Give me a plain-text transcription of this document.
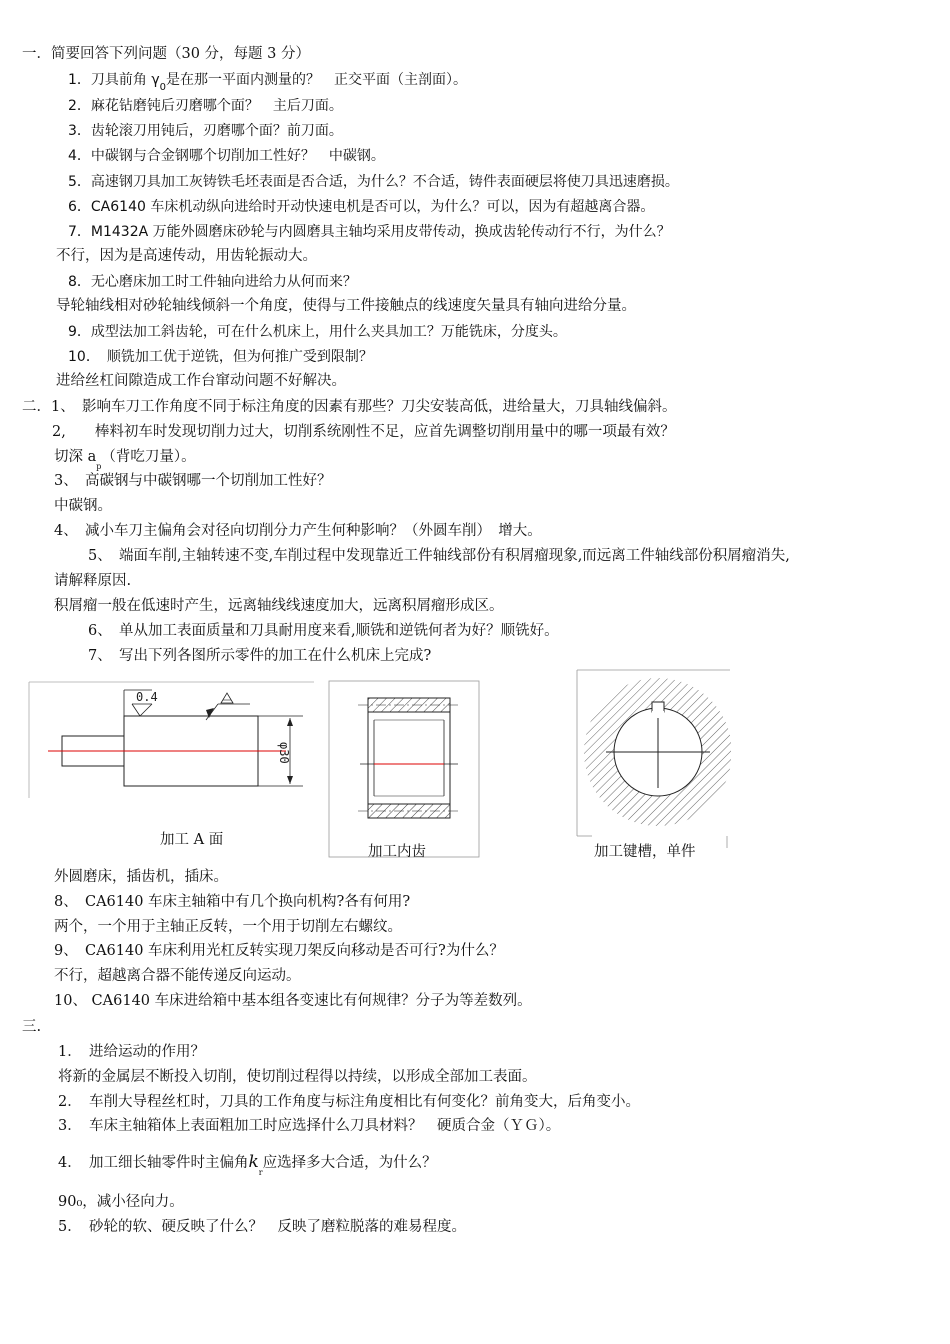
一．简要回答下列问题（30 分，每题 3 分）
1．刀具前角 $\gamma_0$是在那一平面内测量的？　正交平面（主剖面）。
2．麻花钻磨钝后刃磨哪个面？　主后刀面。
3．齿轮滚刀用钝后，刃磨哪个面？前刀面。
4．中碳钢与合金钢哪个切削加工性好？　中碳钢。
5．高速钢刀具加工灰铸铁毛坯表面是否合适，为什么？不合适，铸件表面硬层将使刀具迅速磨损。
6．CA6140 车床机动纵向进给时开动快速电机是否可以，为什么？可以，因为有超越离合器。
7．M1432A 万能外圆磨床砂轮与内圆磨具主轴均采用皮带传动，换成齿轮传动行不行，为什么？
不行，因为是高速传动，用齿轮振动大。
8．无心磨床加工时工件轴向进给力从何而来？
导轮轴线相对砂轮轴线倾斜一个角度，使得与工件接触点的线速度矢量具有轴向进给分量。
9．成型法加工斜齿轮，可在什么机床上，用什么夹具加工？万能铣床，分度头。
10．　顺铣加工优于逆铣，但为何推广受到限制？
进给丝杠间隙造成工作台窜动问题不好解决。
二．1、　影响车刀工作角度不同于标注角度的因素有那些？刀尖安装高低，进给量大，刀具轴线偏斜。
2,　　棒料初车时发现切削力过大，切削系统刚性不足，应首先调整切削用量中的哪一项最有效？
切深 $a_p$（背吃刀量）。
3、　高碳钢与中碳钢哪一个切削加工性好？
中碳钢。
4、　减小车刀主偏角会对径向切削分力产生何种影响？（外圆车削）　增大。
5、　端面车削,主轴转速不变,车削过程中发现靠近工件轴线部份有积屑瘤现象,而远离工件轴线部份积屑瘤消失,
请解释原因.
积屑瘤一般在低速时产生，远离轴线线速度加大，远离积屑瘤形成区。
6、　单从加工表面质量和刀具耐用度来看,顺铣和逆铣何者为好？顺铣好。
7、　写出下列各图所示零件的加工在什么机床上完成?
φ30
0.4
加工 A 面
加工内齿	加工键槽，单件
外圆磨床，插齿机，插床。
8、　CA6140 车床主轴箱中有几个换向机构?各有何用?
两个，一个用于主轴正反转，一个用于切削左右螺纹。
9、　CA6140 车床利用光杠反转实现刀架反向移动是否可行?为什么？
不行，超越离合器不能传递反向运动。
10、 CA6140 车床进给箱中基本组各变速比有何规律？分子为等差数列。
三.
1．　进给运动的作用？
将新的金属层不断投入切削，使切削过程得以持续，以形成全部加工表面。
2．　车削大导程丝杠时，刀具的工作角度与标注角度相比有何变化？前角变大，后角变小。
3．　车床主轴箱体上表面粗加工时应选择什么刀具材料？　硬质合金（ＹＧ）。
4．　加工细长轴零件时主偏角$k_r$应选择多大合适，为什么？
90₀，减小径向力。
5．　砂轮的软、硬反映了什么？　反映了磨粒脱落的难易程度。
